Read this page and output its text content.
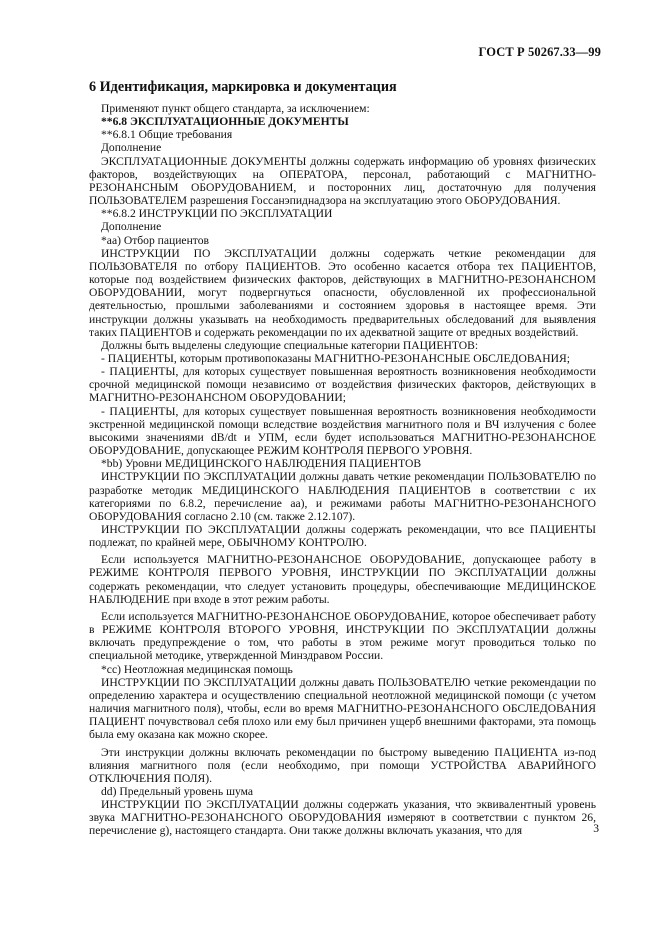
ГОСТ Р 50267.33—99
6 Идентификация, маркировка и документация

Применяют пункт общего стандарта, за исключением:

**6.8 ЭКСПЛУАТАЦИОННЫЕ ДОКУМЕНТЫ

**6.8.1 Общие требования

Дополнение

ЭКСПЛУАТАЦИОННЫЕ ДОКУМЕНТЫ должны содержать информацию об уровнях физических факторов, воздействующих на ОПЕРАТОРА, персонал, работающий с МАГНИТНО-РЕЗОНАНСНЫМ ОБОРУДОВАНИЕМ, и посторонних лиц, достаточную для получения ПОЛЬЗОВАТЕЛЕМ разрешения Госсанэпиднадзора на эксплуатацию этого ОБОРУДОВАНИЯ.

**6.8.2 ИНСТРУКЦИИ ПО ЭКСПЛУАТАЦИИ

Дополнение

*аа) Отбор пациентов

ИНСТРУКЦИИ ПО ЭКСПЛУАТАЦИИ должны содержать четкие рекомендации для ПОЛЬЗОВАТЕЛЯ по отбору ПАЦИЕНТОВ. Это особенно касается отбора тех ПАЦИЕНТОВ, которые под воздействием физических факторов, действующих в МАГНИТНО-РЕЗОНАНСНОМ ОБОРУДОВАНИИ, могут подвергнуться опасности, обусловленной их профессиональной деятельностью, прошлыми заболеваниями и состоянием здоровья в настоящее время. Эти инструкции должны указывать на необходимость предварительных обследований для выявления таких ПАЦИЕНТОВ и содержать рекомендации по их адекватной защите от вредных воздействий.

Должны быть выделены следующие специальные категории ПАЦИЕНТОВ:

- ПАЦИЕНТЫ, которым противопоказаны МАГНИТНО-РЕЗОНАНСНЫЕ ОБСЛЕДОВАНИЯ;

- ПАЦИЕНТЫ, для которых существует повышенная вероятность возникновения необходимости срочной медицинской помощи независимо от воздействия физических факторов, действующих в МАГНИТНО-РЕЗОНАНСНОМ ОБОРУДОВАНИИ;

- ПАЦИЕНТЫ, для которых существует повышенная вероятность возникновения необходимости экстренной медицинской помощи вследствие воздействия магнитного поля и ВЧ излучения с более высокими значениями dB/dt и УПМ, если будет использоваться МАГНИТНО-РЕЗОНАНСНОЕ ОБОРУДОВАНИЕ, допускающее РЕЖИМ КОНТРОЛЯ ПЕРВОГО УРОВНЯ.

*bb) Уровни МЕДИЦИНСКОГО НАБЛЮДЕНИЯ ПАЦИЕНТОВ

ИНСТРУКЦИИ ПО ЭКСПЛУАТАЦИИ должны давать четкие рекомендации ПОЛЬЗОВАТЕЛЮ по разработке методик МЕДИЦИНСКОГО НАБЛЮДЕНИЯ ПАЦИЕНТОВ в соответствии с их категориями по 6.8.2, перечисление аа), и режимами работы МАГНИТНО-РЕЗОНАНСНОГО ОБОРУДОВАНИЯ согласно 2.10 (см. также 2.12.107).

ИНСТРУКЦИИ ПО ЭКСПЛУАТАЦИИ должны содержать рекомендации, что все ПАЦИЕНТЫ подлежат, по крайней мере, ОБЫЧНОМУ КОНТРОЛЮ.

Если используется МАГНИТНО-РЕЗОНАНСНОЕ ОБОРУДОВАНИЕ, допускающее работу в РЕЖИМЕ КОНТРОЛЯ ПЕРВОГО УРОВНЯ, ИНСТРУКЦИИ ПО ЭКСПЛУАТАЦИИ должны содержать рекомендации, что следует установить процедуры, обеспечивающие МЕДИЦИНСКОЕ НАБЛЮДЕНИЕ при входе в этот режим работы.

Если используется МАГНИТНО-РЕЗОНАНСНОЕ ОБОРУДОВАНИЕ, которое обеспечивает работу в РЕЖИМЕ КОНТРОЛЯ ВТОРОГО УРОВНЯ, ИНСТРУКЦИИ ПО ЭКСПЛУАТАЦИИ должны включать предупреждение о том, что работы в этом режиме могут проводиться только по специальной методике, утвержденной Минздравом России.

*сс) Неотложная медицинская помощь

ИНСТРУКЦИИ ПО ЭКСПЛУАТАЦИИ должны давать ПОЛЬЗОВАТЕЛЮ четкие рекомендации по определению характера и осуществлению специальной неотложной медицинской помощи (с учетом наличия магнитного поля), чтобы, если во время МАГНИТНО-РЕЗОНАНСНОГО ОБСЛЕДОВАНИЯ ПАЦИЕНТ почувствовал себя плохо или ему был причинен ущерб внешними факторами, эта помощь была ему оказана как можно скорее.

Эти инструкции должны включать рекомендации по быстрому выведению ПАЦИЕНТА из-под влияния магнитного поля (если необходимо, при помощи УСТРОЙСТВА АВАРИЙНОГО ОТКЛЮЧЕНИЯ ПОЛЯ).

dd) Предельный уровень шума

ИНСТРУКЦИИ ПО ЭКСПЛУАТАЦИИ должны содержать указания, что эквивалентный уровень звука МАГНИТНО-РЕЗОНАНСНОГО ОБОРУДОВАНИЯ измеряют в соответствии с пунктом 26, перечисление g), настоящего стандарта. Они также должны включать указания, что для	3
